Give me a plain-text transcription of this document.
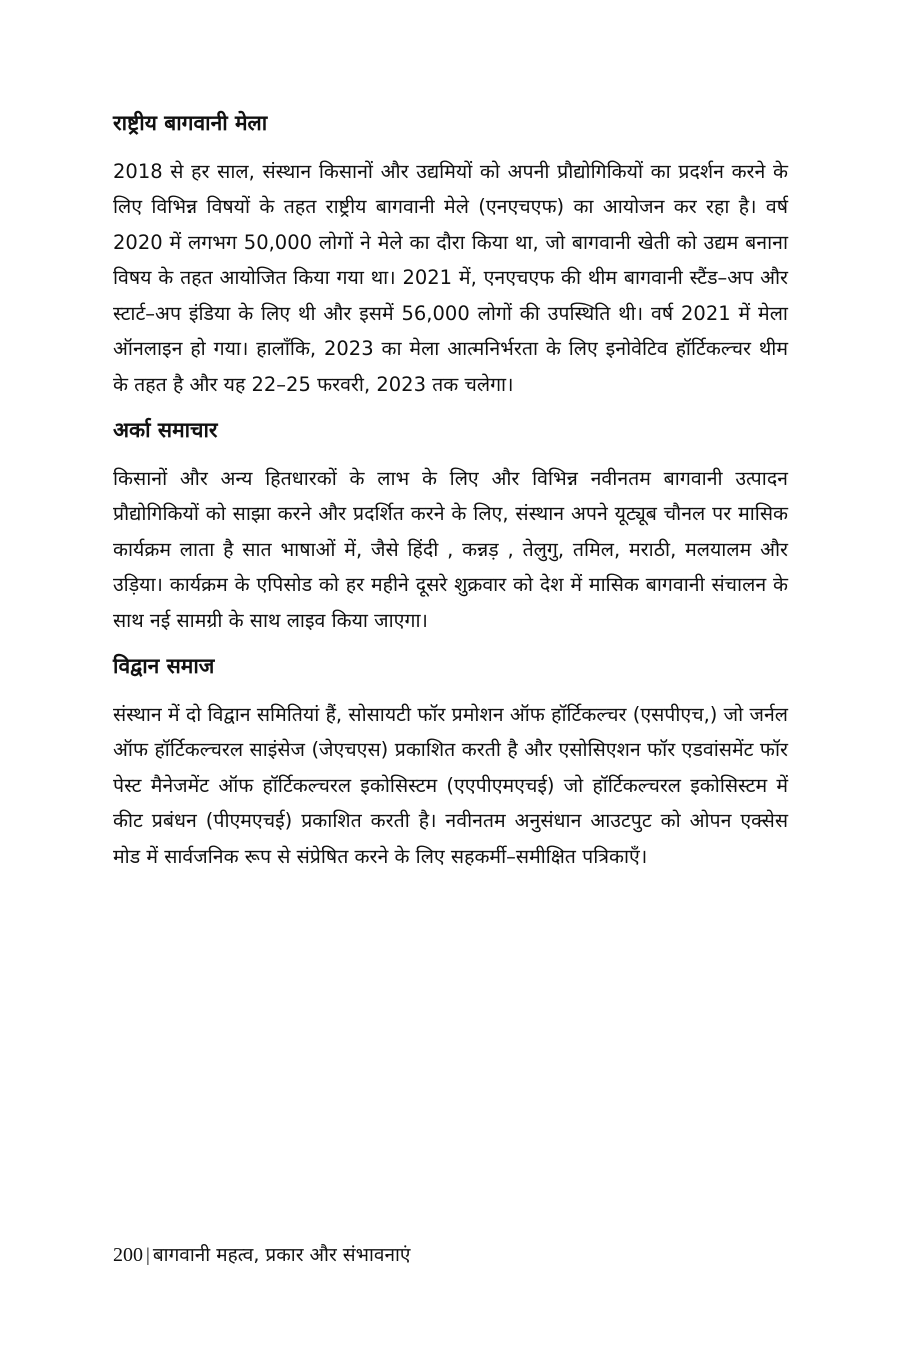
राष्ट्रीय बागवानी मेला

2018 से हर साल, संस्थान किसानों और उद्यमियों को अपनी प्रौद्योगिकियों का प्रदर्शन करने के लिए विभिन्न विषयों के तहत राष्ट्रीय बागवानी मेले (एनएचएफ) का आयोजन कर रहा है। वर्ष 2020 में लगभग 50,000 लोगों ने मेले का दौरा किया था, जो बागवानी खेती को उद्यम बनाना विषय के तहत आयोजित किया गया था। 2021 में, एनएचएफ की थीम बागवानी स्टैंड–अप और स्टार्ट–अप इंडिया के लिए थी और इसमें 56,000 लोगों की उपस्थिति थी। वर्ष 2021 में मेला ऑनलाइन हो गया। हालाँकि, 2023 का मेला आत्मनिर्भरता के लिए इनोवेटिव हॉर्टिकल्चर थीम के तहत है और यह 22–25 फरवरी, 2023 तक चलेगा।

अर्का समाचार

किसानों और अन्य हितधारकों के लाभ के लिए और विभिन्न नवीनतम बागवानी उत्पादन प्रौद्योगिकियों को साझा करने और प्रदर्शित करने के लिए, संस्थान अपने यूट्यूब चौनल पर मासिक कार्यक्रम लाता है सात भाषाओं में, जैसे हिंदी , कन्नड़ , तेलुगु, तमिल, मराठी, मलयालम और उड़िया। कार्यक्रम के एपिसोड को हर महीने दूसरे शुक्रवार को देश में मासिक बागवानी संचालन के साथ नई सामग्री के साथ लाइव किया जाएगा।

विद्वान समाज

संस्थान में दो विद्वान समितियां हैं, सोसायटी फॉर प्रमोशन ऑफ हॉर्टिकल्चर (एसपीएच,) जो जर्नल ऑफ हॉर्टिकल्चरल साइंसेज (जेएचएस) प्रकाशित करती है और एसोसिएशन फॉर एडवांसमेंट फॉर पेस्ट मैनेजमेंट ऑफ हॉर्टिकल्चरल इकोसिस्टम (एएपीएमएचई) जो हॉर्टिकल्चरल इकोसिस्टम में कीट प्रबंधन (पीएमएचई) प्रकाशित करती है। नवीनतम अनुसंधान आउटपुट को ओपन एक्सेस मोड में सार्वजनिक रूप से संप्रेषित करने के लिए सहकर्मी–समीक्षित पत्रिकाएँ।

200 | बागवानी महत्व, प्रकार और संभावनाएं
